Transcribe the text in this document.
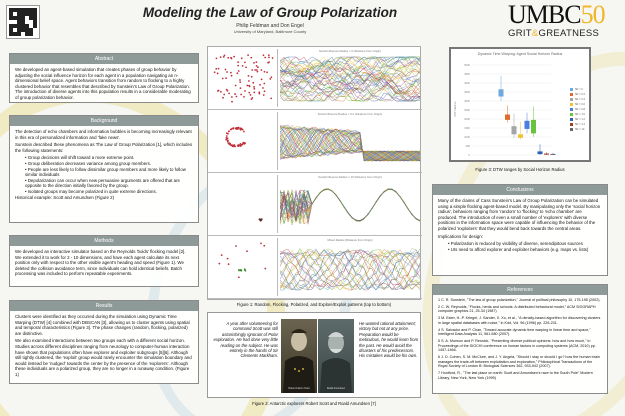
Modeling the Law of Group Polarization
Philip Feldman and Don Engel
University of Maryland, Baltimore County
UMBC50
GRIT&GREATNESS
Abstract

We developed an agent-based simulation that creates phases of group behavior by adjusting the social influence horizon for each agent in a population navigating an n-dimensional belief space. Agent behaviors transition from random to flocking to a highly clustered behavior that resembles that described by Sunstein's Law of Group Polarization. The introduction of diverse agents into this population results in a considerable moderating of group polarization behavior.

Background

The detection of echo chambers and information bubbles is becoming increasingly relevant in this era of personalized information and 'fake news'.

Sunstein described these phenomena as The Law of Group Polarization [1], which includes the following statements:

• Group decisions will shift toward a more extreme point.
• Group deliberation decreases variance among group members.
• People are less likely to follow dissimilar group members and more likely to follow similar individuals
• Depolarization can occur when new persuasive arguments are offered that are opposite to the direction initially favored by the group.
• Isolated groups may become polarized in quite extreme directions.

Historical example: Scott and Amundsen (Figure 2)

Methods

We developed an interactive simulator based on the Reynolds 'boids' flocking model [2]. We extended it to work for 2 - 10 dimensions, and have each agent calculate its next position only with respect to the other visible agent's heading and speed (Figure 1). We deleted the collision avoidance term, since individuals can hold identical beliefs. Batch processing was included to perform repeatable experiments.

Results

Clusters were identified as they occurred during the simulation using Dynamic Time Warping (DTW) [4] combined with DBSCAN [3], allowing us to cluster agents using spatial and temporal characteristics (Figure 3). The phase changes (random, flocking, polarized) are distinctive.

We also examined interactions between two groups each with a different social horizon. Studies across different disciplines ranging from neurology to computer-human interaction have shown that populations often have explorer and exploiter subgroups [5][6]. Although still tightly clustered, the 'exploit' group would rarely encounter the simulation boundary and would instead be 'nudged' towards the center by the presence of the 'explorers'. Although these individuals are a polarized group, they are no longer in a runaway condition. (Figure 1)

Social Influence Radius = 0 (Distance from Origin)
Social Influence Radius = 0.2 (Distance from Origin)
Social Influence Radius = 10 (Distance from Origin)
Mixed Radius (Distance from Origin)
Figure 1: Random, Flocking, Polarized, and Explore/Exploit patterns (top to bottom)
A year after volunteering for command Scott was still astonishingly ignorant of Polar exploration. He had done very little reading on the subject. He was entirely in the hands of Sir Clements Markham.
Robert Falcon Scott	Roald Amundsen
He wanted rational attainment; victory but not at any price. Preparation would be meticulous, he would learn from the past. He would avoid the disasters of his predecessors. His mistakes would be his own.
Figure 2: Antarctic explorers Robert Scott and Roald Amundsen [7]
Dynamic Time Warping: Agent Social Horizon Radius
0
500
1000
1500
2000
2500
3000
3500
4000
4500
5000
DTW Distance
SR = 0
SR = 0.2
SR = 0.4
SR = 0.6
SR = 0.8
SR = 1.0
SR = 1.2
SR = 1.4
SR = 10
Figure 3: DTW ranges by Social Horizon Radius
Conclusions

Many of the claims of Cass Sunstein's Law of Group Polarization can be simulated using a simple flocking agent-based model. By manipulating only the 'social horizon radius', behaviors ranging from 'random' to 'flocking' to 'echo chamber' are produced. The introduction of even a small number of 'explorers' with diverse positions in the information space were capable of influencing the behavior of the polarized 'exploiters' that they would bend back towards the central areas.

Implications for design:

• Polarization is reduced by visibility of diverse, serendipitous sources
• UIs need to afford explorer and exploiter behaviors (e.g. maps vs. lists)
References

1 C. R. Sunstein, "The law of group polarization," Journal of political philosophy 10, 175-195 (2002).

2 C. W. Reynolds, "Flocks, herds and schools: A distributed behavioral model," ACM SIGGRAPH computer graphics 21, 25-34 (1987)

3 M. Ester, H.-P. Kriegel, J. Sander, X. Xu, et al., "A density-based algorithm for discovering clusters in large spatial databases with noise," in Kdd, Vol. 96 (1996) pp. 226-231.

4 S. Salvador and P. Chan, "Toward accurate dynamic time warping in linear time and space," Intelligent Data Analysis 11, 561-580 (2007).

5 S. A. Munson and P. Resnick, "Presenting diverse political opinions: how and how much," in Proceedings of the SIGCHI conference on human factors in computing systems (ACM, 2010) pp. 1457-1466.

6 J. D. Cohen, S. M. McClure, and J. Y. Angela, "Should I stay or should I go? how the human brain manages the trade-off between exploitation and exploration," Philosophical Transactions of the Royal Society of London B: Biological Sciences 362, 933-942 (2007).

7 Huntford, R., "The last place on earth: Scott and Amundsen's race to the South Pole" Modern Library, New York, New York (1999)
